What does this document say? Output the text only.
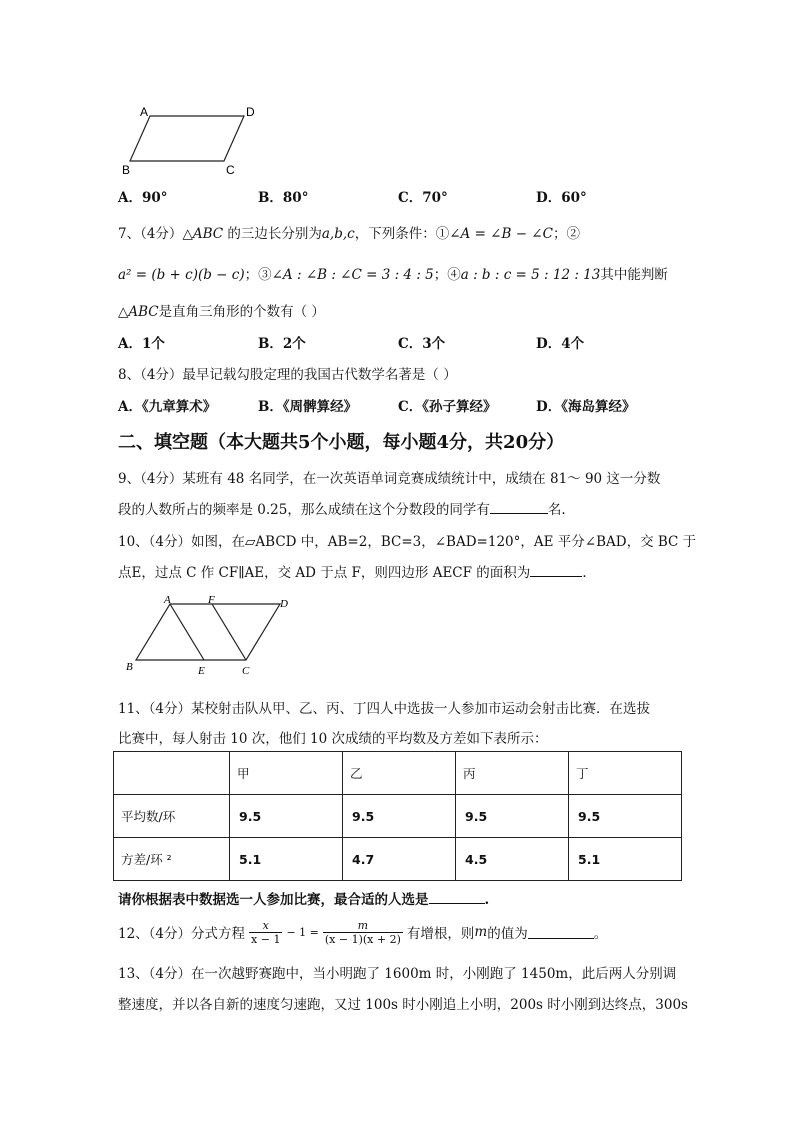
A	D
B	C
A．90°	B．80°	C．70°	D．60°
7、（4分）△ABC 的三边长分别为a,b,c，下列条件：①∠A = ∠B − ∠C；②
a² = (b + c)(b − c)；③∠A : ∠B : ∠C = 3 : 4 : 5；④a : b : c = 5 : 12 : 13其中能判断
△ABC是直角三角形的个数有（ ）
A．1个	B．2个	C．3个	D．4个
8、（4分）最早记载勾股定理的我国古代数学名著是（ ）
A．《九章算术》	B．《周髀算经》	C．《孙子算经》	D．《海岛算经》
二、填空题（本大题共5个小题，每小题4分，共20分）
9、（4分）某班有 48 名同学，在一次英语单词竞赛成绩统计中，成绩在 81～ 90 这一分数
段的人数所占的频率是 0.25，那么成绩在这个分数段的同学有	名.
10、（4分）如图，在▱ABCD 中，AB=2，BC=3，∠BAD=120°，AE 平分∠BAD，交 BC 于
点E，过点 C 作 CF∥AE，交 AD 于点 F，则四边形 AECF 的面积为	.
A	F	D
B	E	C
11、（4分）某校射击队从甲、乙、丙、丁四人中选拔一人参加市运动会射击比赛．在选拔
比赛中，每人射击 10 次，他们 10 次成绩的平均数及方差如下表所示：
	甲	乙	丙	丁
平均数/环	9.5	9.5	9.5	9.5
方差/环 ²	5.1	4.7	4.5	5.1
请你根据表中数据选一人参加比赛，最合适的人选是	.
12、（4分）分式方程 $\frac{x}{x - 1} - 1 = \frac{m}{(x - 1)(x + 2)}$ 有增根，则 m 的值为	。
13、（4分）在一次越野赛跑中，当小明跑了 1600m 时，小刚跑了 1450m，此后两人分别调
整速度，并以各自新的速度匀速跑，又过 100s 时小刚追上小明，200s 时小刚到达终点，300s
